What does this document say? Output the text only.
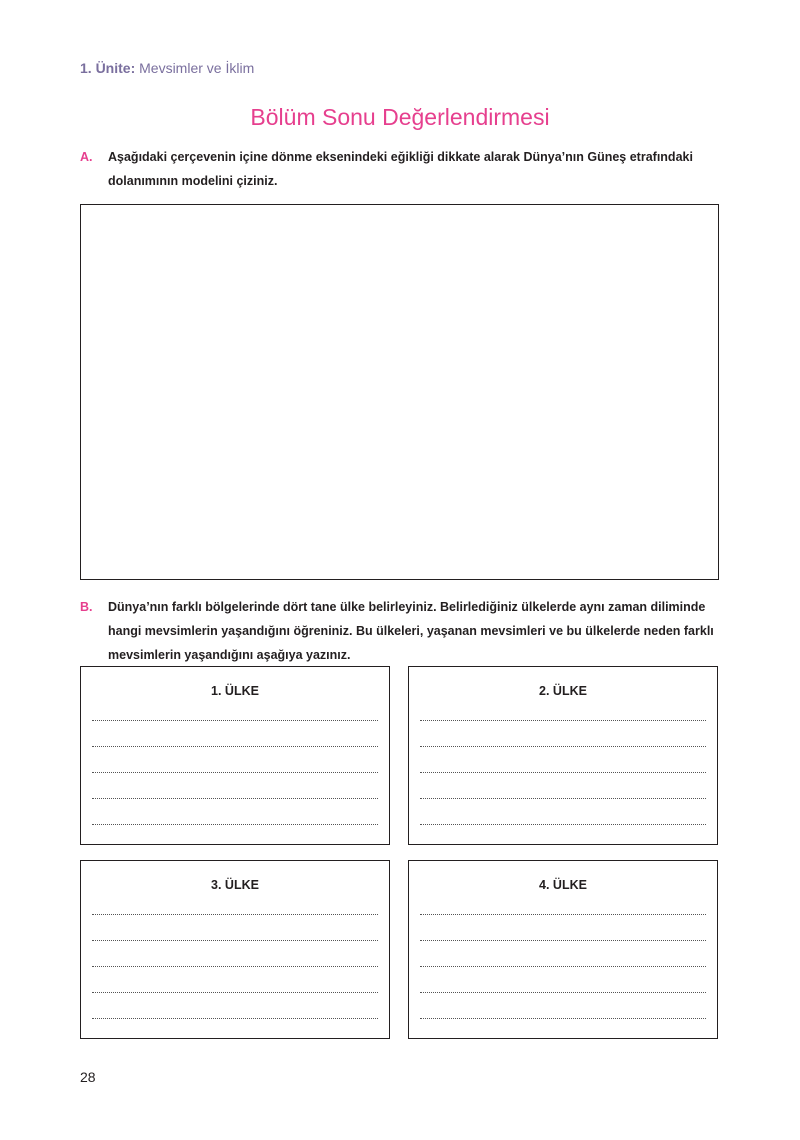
1. Ünite: Mevsimler ve İklim
Bölüm Sonu Değerlendirmesi
A. Aşağıdaki çerçevenin içine dönme eksenindeki eğikliği dikkate alarak Dünya’nın Güneş etrafındaki dolanımının modelini çiziniz.
B. Dünya’nın farklı bölgelerinde dört tane ülke belirleyiniz. Belirlediğiniz ülkelerde aynı zaman diliminde hangi mevsimlerin yaşandığını öğreniniz. Bu ülkeleri, yaşanan mevsimleri ve bu ülkelerde neden farklı mevsimlerin yaşandığını aşağıya yazınız.
1. ÜLKE	2. ÜLKE
3. ÜLKE	4. ÜLKE
28
